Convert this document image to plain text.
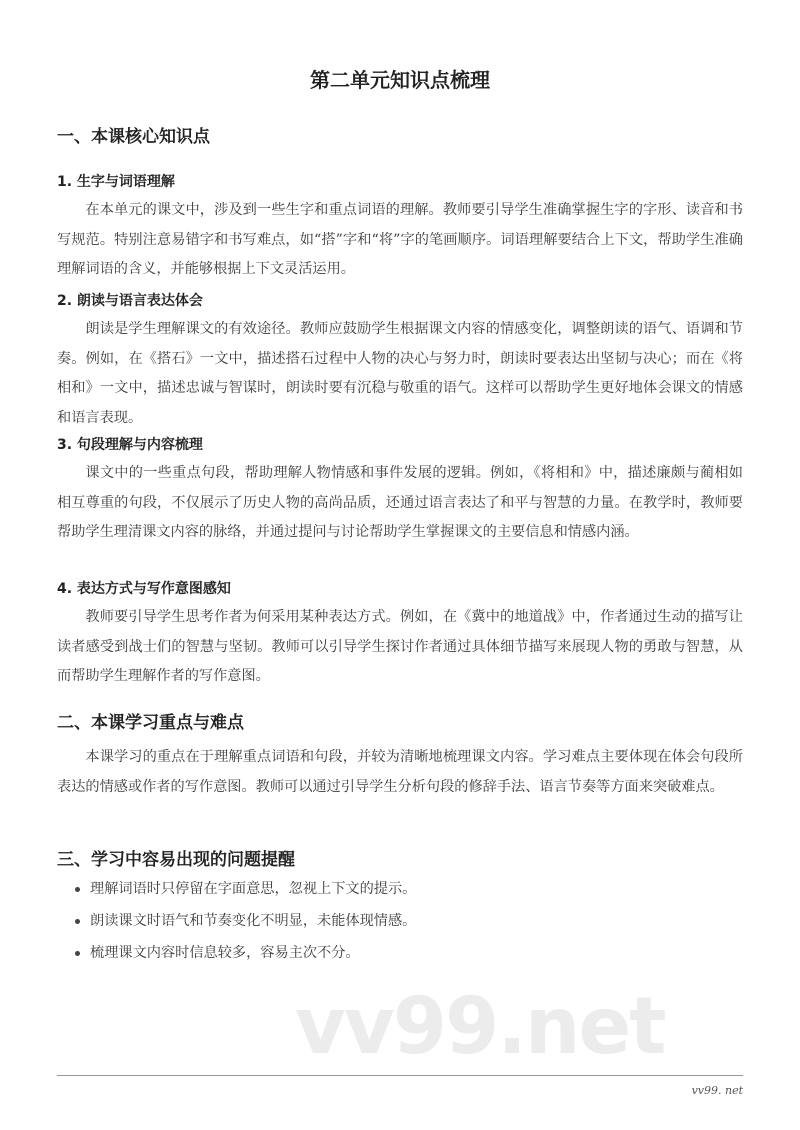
第二单元知识点梳理
一、本课核心知识点
1. 生字与词语理解

在本单元的课文中，涉及到一些生字和重点词语的理解。教师要引导学生准确掌握生字的字形、读音和书写规范。特别注意易错字和书写难点，如“搭”字和“将”字的笔画顺序。词语理解要结合上下文，帮助学生准确理解词语的含义，并能够根据上下文灵活运用。

2. 朗读与语言表达体会

朗读是学生理解课文的有效途径。教师应鼓励学生根据课文内容的情感变化，调整朗读的语气、语调和节奏。例如，在《搭石》一文中，描述搭石过程中人物的决心与努力时，朗读时要表达出坚韧与决心；而在《将相和》一文中，描述忠诚与智谋时，朗读时要有沉稳与敬重的语气。这样可以帮助学生更好地体会课文的情感和语言表现。

3. 句段理解与内容梳理

课文中的一些重点句段，帮助理解人物情感和事件发展的逻辑。例如，《将相和》中，描述廉颇与蔺相如相互尊重的句段，不仅展示了历史人物的高尚品质，还通过语言表达了和平与智慧的力量。在教学时，教师要帮助学生理清课文内容的脉络，并通过提问与讨论帮助学生掌握课文的主要信息和情感内涵。

4. 表达方式与写作意图感知

教师要引导学生思考作者为何采用某种表达方式。例如，在《冀中的地道战》中，作者通过生动的描写让读者感受到战士们的智慧与坚韧。教师可以引导学生探讨作者通过具体细节描写来展现人物的勇敢与智慧，从而帮助学生理解作者的写作意图。

二、本课学习重点与难点

本课学习的重点在于理解重点词语和句段，并较为清晰地梳理课文内容。学习难点主要体现在体会句段所表达的情感或作者的写作意图。教师可以通过引导学生分析句段的修辞手法、语言节奏等方面来突破难点。

三、学习中容易出现的问题提醒
理解词语时只停留在字面意思，忽视上下文的提示。
朗读课文时语气和节奏变化不明显，未能体现情感。
梳理课文内容时信息较多，容易主次不分。
vv99.net
vv99. net
